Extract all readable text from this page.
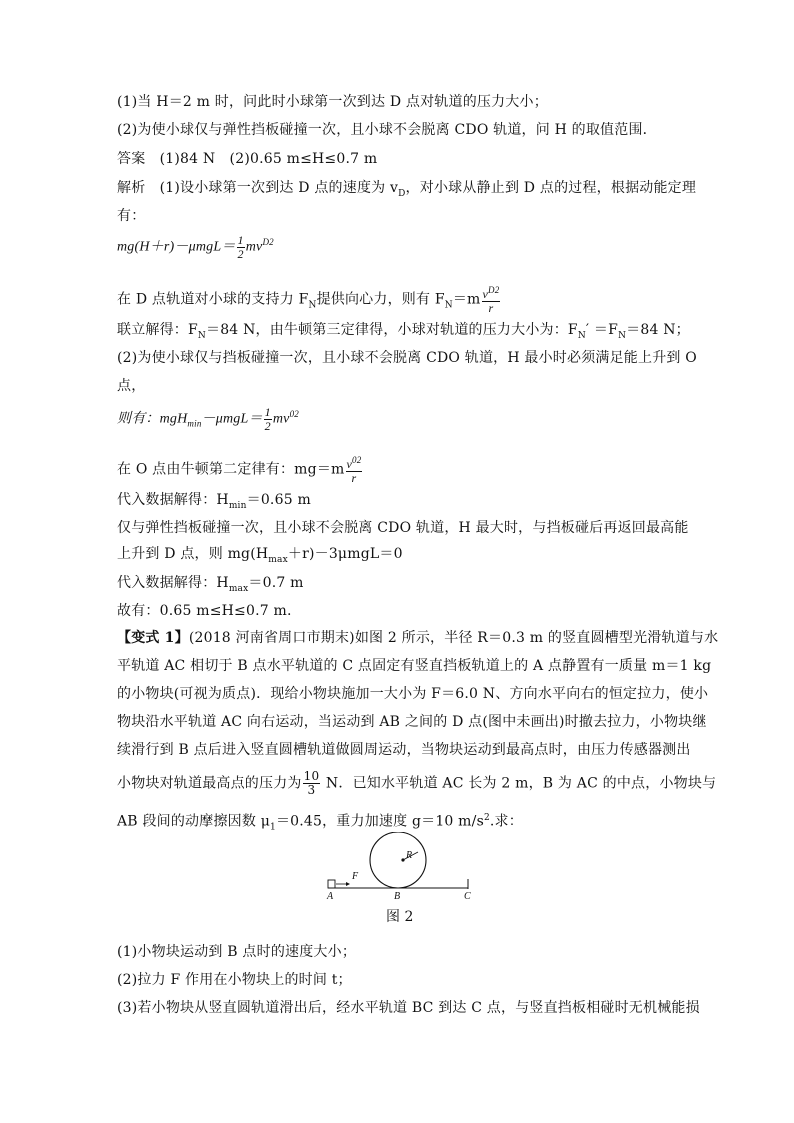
(1)当 H＝2 m 时，问此时小球第一次到达 D 点对轨道的压力大小；
(2)为使小球仅与弹性挡板碰撞一次，且小球不会脱离 CDO 轨道，问 H 的取值范围．
答案　(1)84 N　(2)0.65 m≤H≤0.7 m
解析　(1)设小球第一次到达 D 点的速度为 $v_D$，对小球从静止到 D 点的过程，根据动能定理
有：
$mg(H+r)-\mu mgL= \frac{1}{2} mv^{D2}$
在 D 点轨道对小球的支持力 $F_N$提供向心力，则有 $F_N=m \frac{v^{D2}}{r}$
联立解得：$F_N=84$ N，由牛顿第三定律得，小球对轨道的压力大小为：$F_N' =F_N=84$ N；
(2)为使小球仅与挡板碰撞一次，且小球不会脱离 CDO 轨道，H 最小时必须满足能上升到 O
点，
则有：$mgH_{min}-\mu mgL= \frac{1}{2} mv^{02}$
在 O 点由牛顿第二定律有：$mg=m \frac{v^{02}}{r}$
代入数据解得：$H_{min}=0.65$ m
仅与弹性挡板碰撞一次，且小球不会脱离 CDO 轨道，H 最大时，与挡板碰后再返回最高能
上升到 D 点，则 $mg(H_{max}+r)-3\mu mgL=0$
代入数据解得：$H_{max}=0.7$ m
故有：0.65 m≤H≤0.7 m.
【变式 1】(2018 河南省周口市期末)如图 2 所示，半径 R＝0.3 m 的竖直圆槽型光滑轨道与水
平轨道 AC 相切于 B 点水平轨道的 C 点固定有竖直挡板轨道上的 A 点静置有一质量 m＝1 kg
的小物块(可视为质点)．现给小物块施加一大小为 F＝6.0 N、方向水平向右的恒定拉力，使小
物块沿水平轨道 AC 向右运动，当运动到 AB 之间的 D 点(图中未画出)时撤去拉力，小物块继
续滑行到 B 点后进入竖直圆槽轨道做圆周运动，当物块运动到最高点时，由压力传感器测出
小物块对轨道最高点的压力为 $\frac{10}{3}$ N．已知水平轨道 AC 长为 2 m，B 为 AC 的中点，小物块与
AB 段间的动摩擦因数 $\mu_1=0.45$，重力加速度 g＝10 $m/s^2$.求：
(1)小物块运动到 B 点时的速度大小；
(2)拉力 F 作用在小物块上的时间 t；
(3)若小物块从竖直圆轨道滑出后，经水平轨道 BC 到达 C 点，与竖直挡板相碰时无机械能损
F
R
A	B	C
图 2
